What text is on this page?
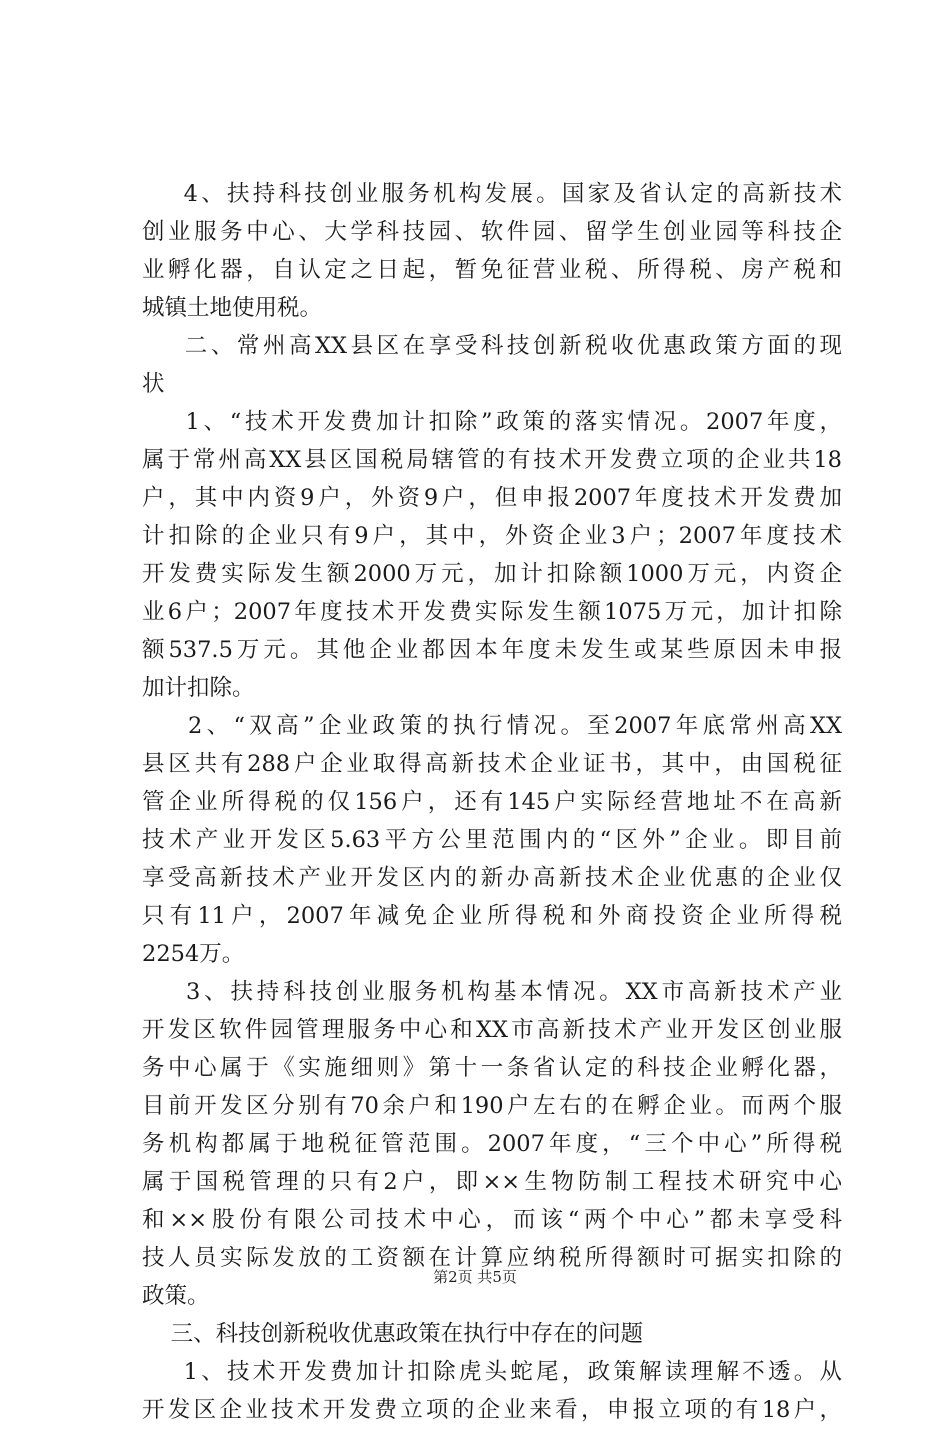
4、扶持科技创业服务机构发展。国家及省认定的高新技术
创业服务中心、大学科技园、软件园、留学生创业园等科技企
业孵化器，自认定之日起，暂免征营业税、所得税、房产税和
城镇土地使用税。
二、常州高XX县区在享受科技创新税收优惠政策方面的现
状
1、“技术开发费加计扣除”政策的落实情况。2007年度，
属于常州高XX县区国税局辖管的有技术开发费立项的企业共18
户，其中内资9户，外资9户，但申报2007年度技术开发费加
计扣除的企业只有9户，其中，外资企业3户；2007年度技术
开发费实际发生额2000万元，加计扣除额1000万元，内资企
业6户；2007年度技术开发费实际发生额1075万元，加计扣除
额537.5万元。其他企业都因本年度未发生或某些原因未申报
加计扣除。
2、“双高”企业政策的执行情况。至2007年底常州高XX
县区共有288户企业取得高新技术企业证书，其中，由国税征
管企业所得税的仅156户，还有145户实际经营地址不在高新
技术产业开发区5.63平方公里范围内的“区外”企业。即目前
享受高新技术产业开发区内的新办高新技术企业优惠的企业仅
只有11户，2007年减免企业所得税和外商投资企业所得税
2254万。
3、扶持科技创业服务机构基本情况。XX市高新技术产业
开发区软件园管理服务中心和XX市高新技术产业开发区创业服
务中心属于《实施细则》第十一条省认定的科技企业孵化器，
目前开发区分别有70余户和190户左右的在孵企业。而两个服
务机构都属于地税征管范围。2007年度，“三个中心”所得税
属于国税管理的只有2户，即××生物防制工程技术研究中心
和××股份有限公司技术中心，而该“两个中心”都未享受科
技人员实际发放的工资额在计算应纳税所得额时可据实扣除的
政策。
三、科技创新税收优惠政策在执行中存在的问题
1、技术开发费加计扣除虎头蛇尾，政策解读理解不透。从
开发区企业技术开发费立项的企业来看，申报立项的有18户，
第2页 共5页
